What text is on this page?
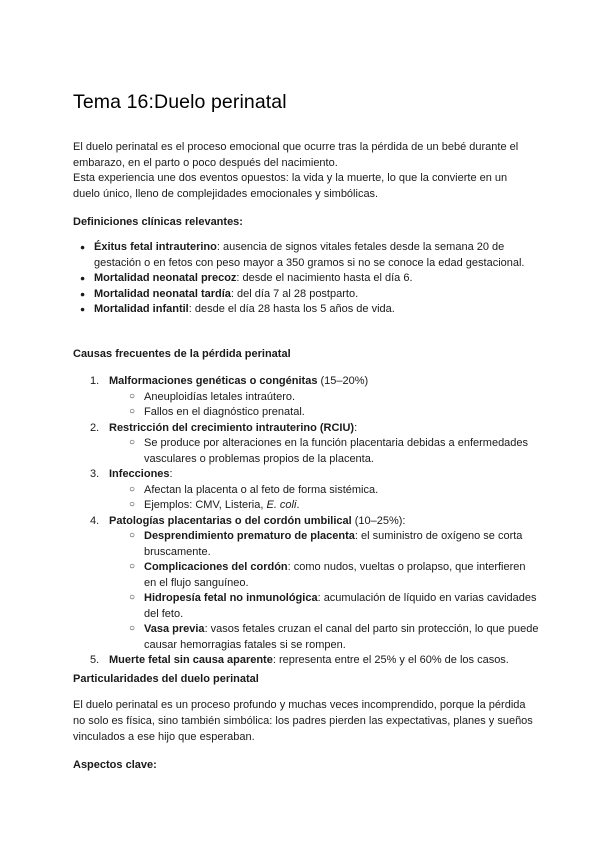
Tema 16:Duelo perinatal

El duelo perinatal es el proceso emocional que ocurre tras la pérdida de un bebé durante el embarazo, en el parto o poco después del nacimiento.

Esta experiencia une dos eventos opuestos: la vida y la muerte, lo que la convierte en un duelo único, lleno de complejidades emocionales y simbólicas.

Definiciones clínicas relevantes:
● Éxitus fetal intrauterino: ausencia de signos vitales fetales desde la semana 20 de gestación o en fetos con peso mayor a 350 gramos si no se conoce la edad gestacional.
● Mortalidad neonatal precoz: desde el nacimiento hasta el día 6.
● Mortalidad neonatal tardía: del día 7 al 28 postparto.
● Mortalidad infantil: desde el día 28 hasta los 5 años de vida.
Causas frecuentes de la pérdida perinatal
1. Malformaciones genéticas o congénitas (15–20%)
○ Aneuploidías letales intraútero.
○ Fallos en el diagnóstico prenatal.
2. Restricción del crecimiento intrauterino (RCIU):
○ Se produce por alteraciones en la función placentaria debidas a enfermedades vasculares o problemas propios de la placenta.
3. Infecciones:
○ Afectan la placenta o al feto de forma sistémica.
○ Ejemplos: CMV, Listeria, E. coli.
4. Patologías placentarias o del cordón umbilical (10–25%):
○ Desprendimiento prematuro de placenta: el suministro de oxígeno se corta bruscamente.
○ Complicaciones del cordón: como nudos, vueltas o prolapso, que interfieren en el flujo sanguíneo.
○ Hidropesía fetal no inmunológica: acumulación de líquido en varias cavidades del feto.
○ Vasa previa: vasos fetales cruzan el canal del parto sin protección, lo que puede causar hemorragias fatales si se rompen.
5. Muerte fetal sin causa aparente: representa entre el 25% y el 60% de los casos.
Particularidades del duelo perinatal

El duelo perinatal es un proceso profundo y muchas veces incomprendido, porque la pérdida no solo es física, sino también simbólica: los padres pierden las expectativas, planes y sueños vinculados a ese hijo que esperaban.

Aspectos clave:
